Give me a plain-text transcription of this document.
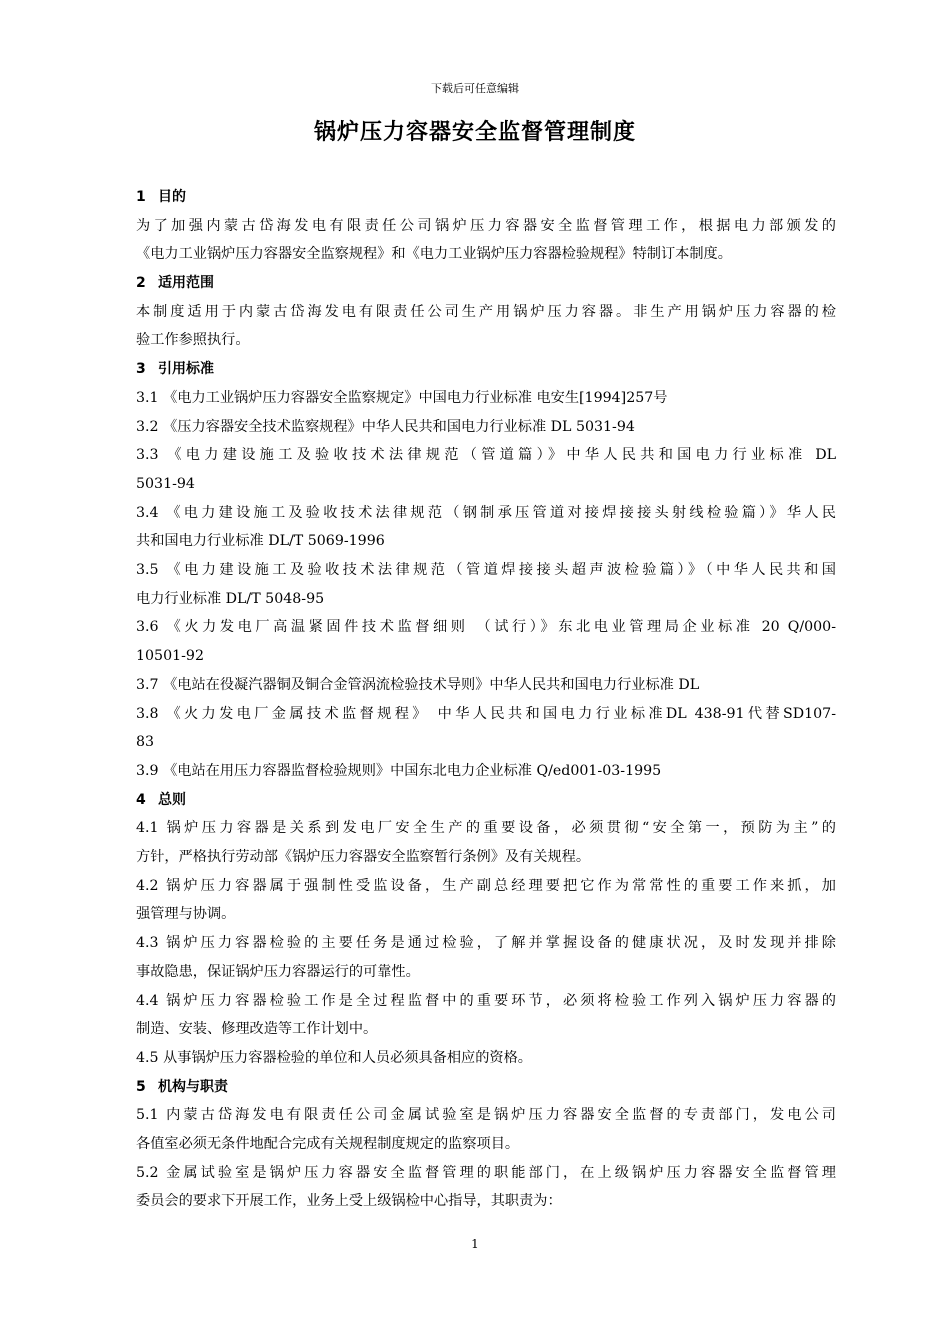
下载后可任意编辑
锅炉压力容器安全监督管理制度
1 目的
为了加强内蒙古岱海发电有限责任公司锅炉压力容器安全监督管理工作，根据电力部颁发的
《电力工业锅炉压力容器安全监察规程》和《电力工业锅炉压力容器检验规程》特制订本制度。
2 适用范围
本制度适用于内蒙古岱海发电有限责任公司生产用锅炉压力容器。非生产用锅炉压力容器的检
验工作参照执行。
3 引用标准
3.1 《电力工业锅炉压力容器安全监察规定》中国电力行业标准 电安生[1994]257号
3.2 《压力容器安全技术监察规程》中华人民共和国电力行业标准 DL 5031-94
3.3 《电力建设施工及验收技术法律规范（管道篇）》中华人民共和国电力行业标准 DL
5031-94
3.4 《电力建设施工及验收技术法律规范（钢制承压管道对接焊接接头射线检验篇）》华人民
共和国电力行业标准 DL/T 5069-1996
3.5 《电力建设施工及验收技术法律规范（管道焊接接头超声波检验篇）》（中华人民共和国
电力行业标准 DL/T 5048-95
3.6 《火力发电厂高温紧固件技术监督细则 （试行）》东北电业管理局企业标准 20 Q/000-
10501-92
3.7 《电站在役凝汽器铜及铜合金管涡流检验技术导则》中华人民共和国电力行业标准 DL
3.8 《火力发电厂金属技术监督规程》 中华人民共和国电力行业标准DL 438-91代替SD107-
83
3.9 《电站在用压力容器监督检验规则》中国东北电力企业标准 Q/ed001-03-1995
4 总则
4.1 锅炉压力容器是关系到发电厂安全生产的重要设备，必须贯彻“安全第一，预防为主”的
方针，严格执行劳动部《锅炉压力容器安全监察暂行条例》及有关规程。
4.2 锅炉压力容器属于强制性受监设备，生产副总经理要把它作为常常性的重要工作来抓，加
强管理与协调。
4.3 锅炉压力容器检验的主要任务是通过检验，了解并掌握设备的健康状况，及时发现并排除
事故隐患，保证锅炉压力容器运行的可靠性。
4.4 锅炉压力容器检验工作是全过程监督中的重要环节，必须将检验工作列入锅炉压力容器的
制造、安装、修理改造等工作计划中。
4.5 从事锅炉压力容器检验的单位和人员必须具备相应的资格。
5 机构与职责
5.1 内蒙古岱海发电有限责任公司金属试验室是锅炉压力容器安全监督的专责部门，发电公司
各值室必须无条件地配合完成有关规程制度规定的监察项目。
5.2 金属试验室是锅炉压力容器安全监督管理的职能部门，在上级锅炉压力容器安全监督管理
委员会的要求下开展工作，业务上受上级锅检中心指导，其职责为：
1
